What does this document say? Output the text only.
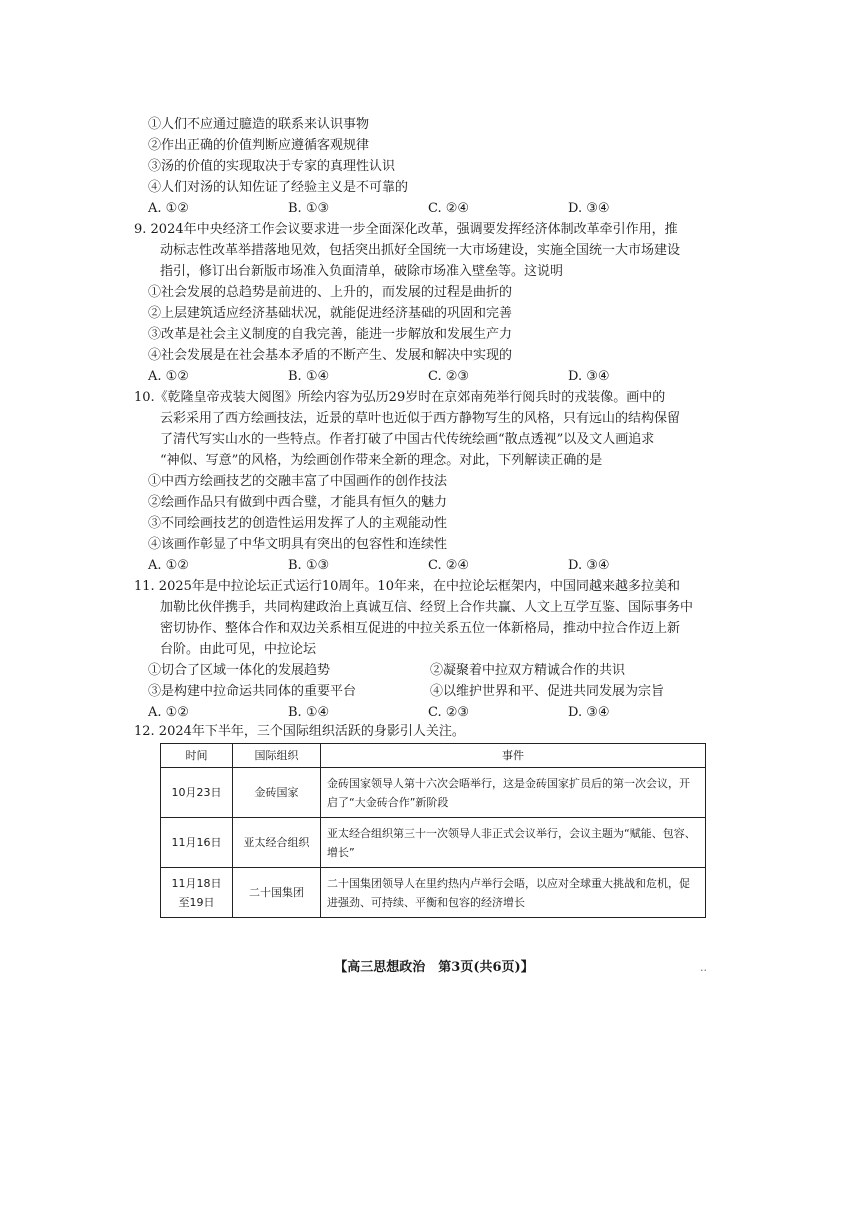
①人们不应通过臆造的联系来认识事物
②作出正确的价值判断应遵循客观规律
③汤的价值的实现取决于专家的真理性认识
④人们对汤的认知佐证了经验主义是不可靠的
A. ①②	B. ①③	C. ②④	D. ③④
9. 2024年中央经济工作会议要求进一步全面深化改革，强调要发挥经济体制改革牵引作用，推
动标志性改革举措落地见效，包括突出抓好全国统一大市场建设，实施全国统一大市场建设
指引，修订出台新版市场准入负面清单，破除市场准入壁垒等。这说明
①社会发展的总趋势是前进的、上升的，而发展的过程是曲折的
②上层建筑适应经济基础状况，就能促进经济基础的巩固和完善
③改革是社会主义制度的自我完善，能进一步解放和发展生产力
④社会发展是在社会基本矛盾的不断产生、发展和解决中实现的
A. ①②	B. ①④	C. ②③	D. ③④
10.《乾隆皇帝戎装大阅图》所绘内容为弘历29岁时在京郊南苑举行阅兵时的戎装像。画中的
云彩采用了西方绘画技法，近景的草叶也近似于西方静物写生的风格，只有远山的结构保留
了清代写实山水的一些特点。作者打破了中国古代传统绘画“散点透视”以及文人画追求
“神似、写意”的风格，为绘画创作带来全新的理念。对此，下列解读正确的是
①中西方绘画技艺的交融丰富了中国画作的创作技法
②绘画作品只有做到中西合璧，才能具有恒久的魅力
③不同绘画技艺的创造性运用发挥了人的主观能动性
④该画作彰显了中华文明具有突出的包容性和连续性
A. ①②	B. ①③	C. ②④	D. ③④
11. 2025年是中拉论坛正式运行10周年。10年来，在中拉论坛框架内，中国同越来越多拉美和
加勒比伙伴携手，共同构建政治上真诚互信、经贸上合作共赢、人文上互学互鉴、国际事务中
密切协作、整体合作和双边关系相互促进的中拉关系五位一体新格局，推动中拉合作迈上新
台阶。由此可见，中拉论坛
①切合了区域一体化的发展趋势	②凝聚着中拉双方精诚合作的共识
③是构建中拉命运共同体的重要平台	④以维护世界和平、促进共同发展为宗旨
A. ①②	B. ①④	C. ②③	D. ③④
12. 2024年下半年，三个国际组织活跃的身影引人关注。
时间	国际组织	事件
10月23日	金砖国家	金砖国家领导人第十六次会晤举行，这是金砖国家扩员后的第一次会议，开启了“大金砖合作”新阶段
11月16日	亚太经合组织	亚太经合组织第三十一次领导人非正式会议举行，会议主题为“赋能、包容、增长”
11月18日至19日	二十国集团	二十国集团领导人在里约热内卢举行会晤，以应对全球重大挑战和危机，促进强劲、可持续、平衡和包容的经济增长
【高三思想政治　第3页(共6页)】	..
